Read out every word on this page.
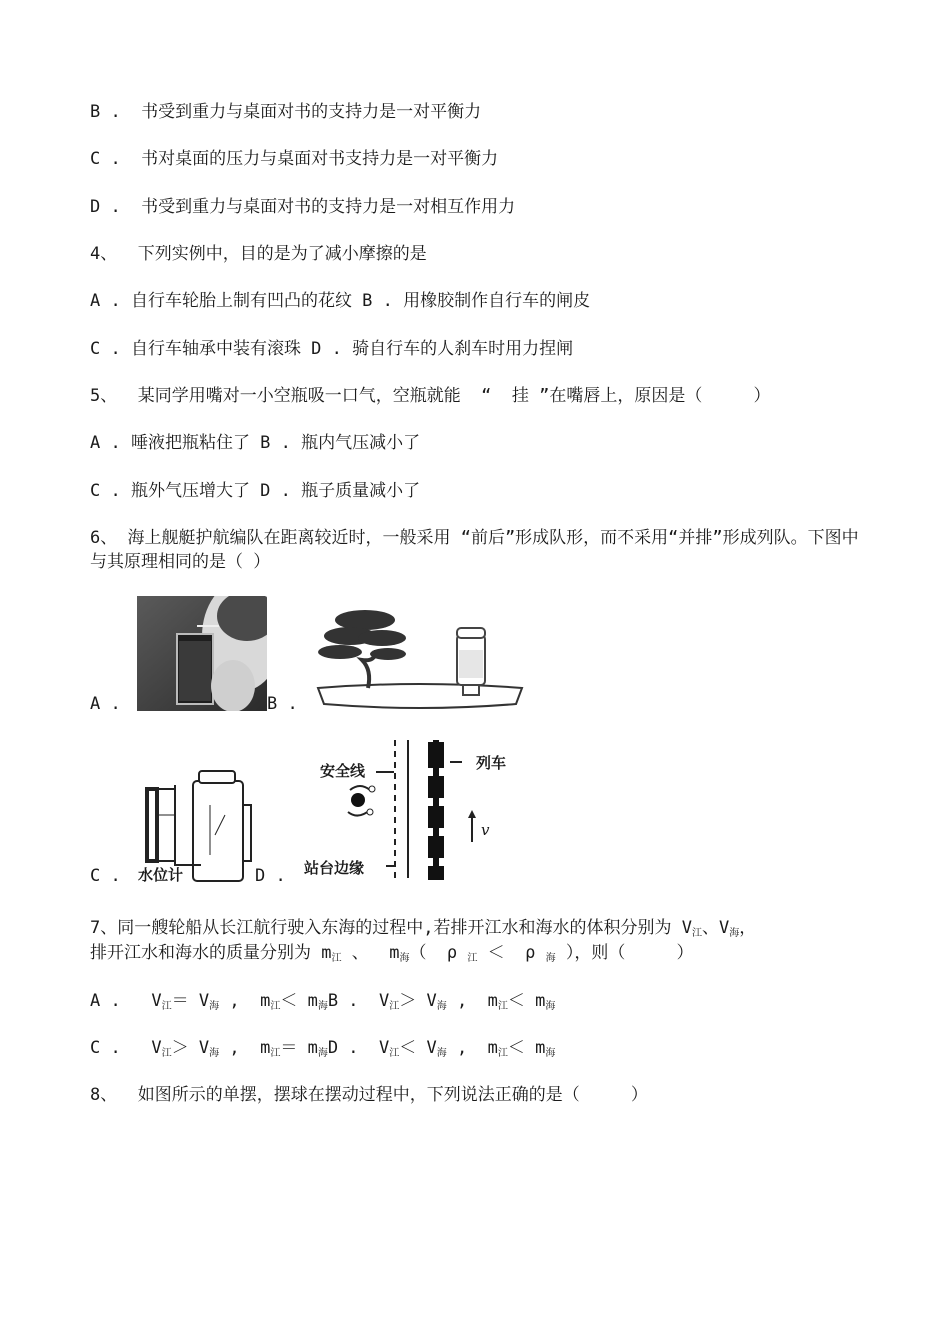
B .  书受到重力与桌面对书的支持力是一对平衡力
C .  书对桌面的压力与桌面对书支持力是一对平衡力
D .  书受到重力与桌面对书的支持力是一对相互作用力
4、  下列实例中，目的是为了减小摩擦的是
A . 自行车轮胎上制有凹凸的花纹 B . 用橡胶制作自行车的闸皮
C . 自行车轴承中装有滚珠 D . 骑自行车的人刹车时用力捏闸
5、  某同学用嘴对一小空瓶吸一口气，空瓶就能  “  挂 ”在嘴唇上，原因是（     ）
A . 唾液把瓶粘住了 B . 瓶内气压减小了
C . 瓶外气压增大了 D . 瓶子质量减小了
6、 海上舰艇护航编队在距离较近时，一般采用 “前后”形成队形，而不采用“并排”形成列队。下图中与其原理相同的是（ ）
A .	B .
C . 水位计	D .
安全线	列车
站台边缘
v
7、同一艘轮船从长江航行驶入东海的过程中,若排开江水和海水的体积分别为 $V_江$、$V_海$，
排开江水和海水的质量分别为 $m_江$ 、  $m_海$（  ρ $_江$ ＜  ρ $_海$ ），则（     ）
A .   $V_江= V_海$ ,  $m_江< m_海B$ .  $V_江> V_海$ ,  $m_江< m_海$
C .   $V_江> V_海$ ,  $m_江= m_海D$ .  $V_江< V_海$ ,  $m_江< m_海$
8、  如图所示的单摆，摆球在摆动过程中，下列说法正确的是（     ）
